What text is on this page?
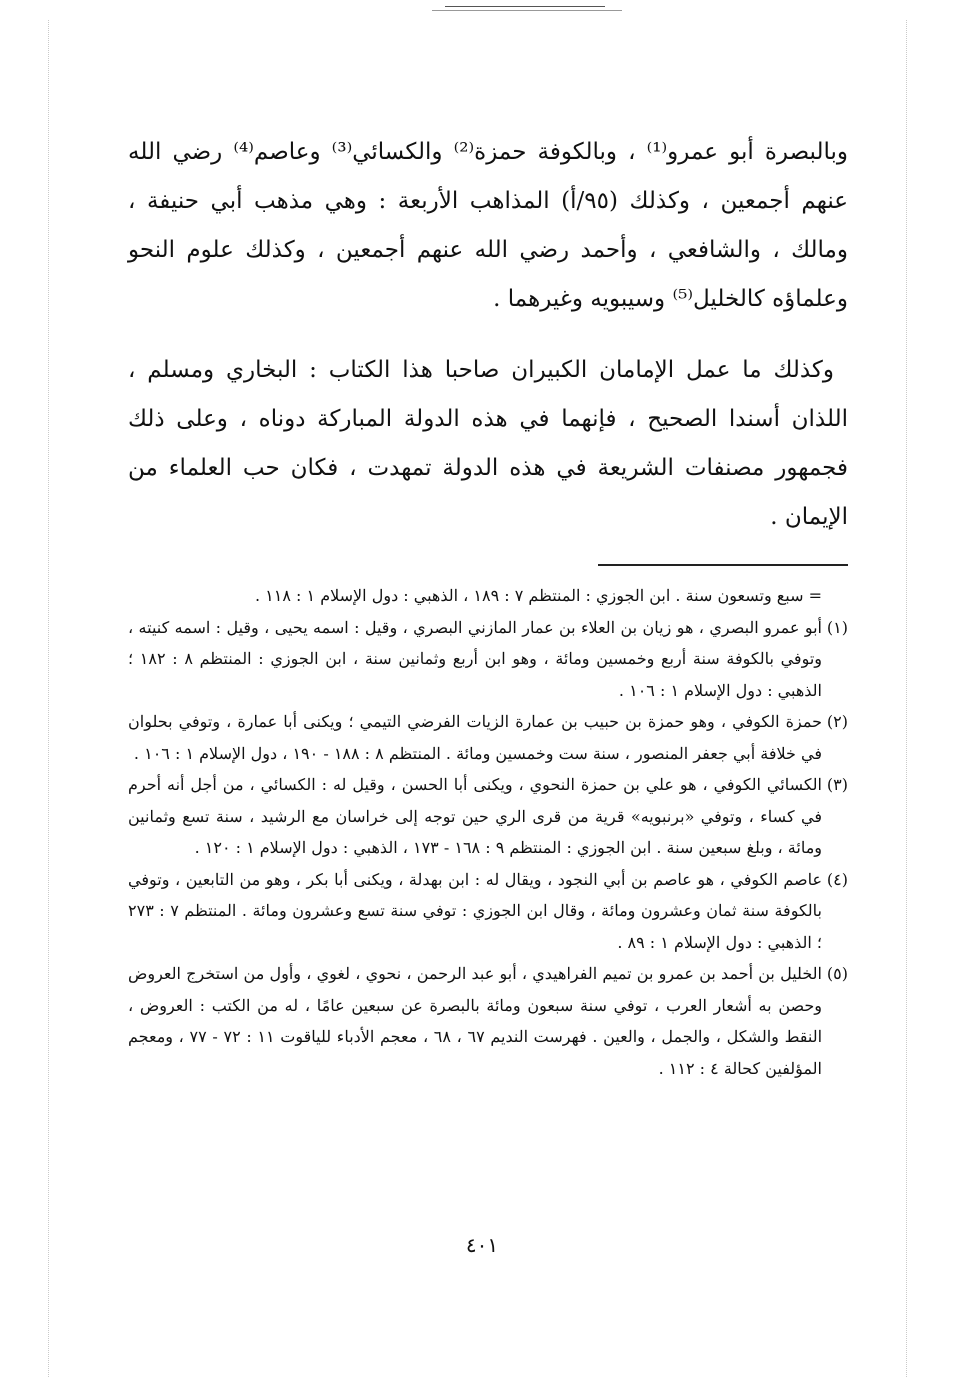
وبالبصرة أبو عمرو⁽¹⁾ ، وبالكوفة حمزة⁽²⁾ والكسائي⁽³⁾ وعاصم⁽⁴⁾ رضي الله عنهم أجمعين ، وكذلك (٩٥/أ) المذاهب الأربعة : وهي مذهب أبي حنيفة ، ومالك ، والشافعي ، وأحمد رضي الله عنهم أجمعين ، وكذلك علوم النحو وعلماؤه كالخليل⁽⁵⁾ وسيبويه وغيرهما .

وكذلك ما عمل الإمامان الكبيران صاحبا هذا الكتاب : البخاري ومسلم ، اللذان أسندا الصحيح ، فإنهما في هذه الدولة المباركة دوناه ، وعلى ذلك فجمهور مصنفات الشريعة في هذه الدولة تمهدت ، فكان حب العلماء من الإيمان .

= سبع وتسعون سنة . ابن الجوزي : المنتظم ٧ : ١٨٩ ، الذهبي : دول الإسلام ١ : ١١٨ .

(١)
أبو عمرو البصري ، هو زيان بن العلاء بن عمار المازني البصري ، وقيل : اسمه يحيى ، وقيل : اسمه كنيته ، وتوفي بالكوفة سنة أربع وخمسين ومائة ، وهو ابن أربع وثمانين سنة ، ابن الجوزي : المنتظم ٨ : ١٨٢ ؛ الذهبي : دول الإسلام ١ : ١٠٦ .

(٢)
حمزة الكوفي ، وهو حمزة بن حبيب بن عمارة الزيات الفرضي التيمي ؛ ويكنى أبا عمارة ، وتوفي بحلوان في خلافة أبي جعفر المنصور ، سنة ست وخمسين ومائة . المنتظم ٨ : ١٨٨ - ١٩٠ ، دول الإسلام ١ : ١٠٦ .

(٣)
الكسائي الكوفي ، هو علي بن حمزة النحوي ، ويكنى أبا الحسن ، وقيل له : الكسائي ، من أجل أنه أحرم في كساء ، وتوفي «برنبويه» قرية من قرى الري حين توجه إلى خراسان مع الرشيد ، سنة تسع وثمانين ومائة ، وبلغ سبعين سنة . ابن الجوزي : المنتظم ٩ : ١٦٨ - ١٧٣ ، الذهبي : دول الإسلام ١ : ١٢٠ .

(٤)
عاصم الكوفي ، هو عاصم بن أبي النجود ، ويقال له : ابن بهدلة ، ويكنى أبا بكر ، وهو من التابعين ، وتوفي بالكوفة سنة ثمان وعشرون ومائة ، وقال ابن الجوزي : توفي سنة تسع وعشرون ومائة . المنتظم ٧ : ٢٧٣ ؛ الذهبي : دول الإسلام ١ : ٨٩ .

(٥)
الخليل بن أحمد بن عمرو بن تميم الفراهيدي ، أبو عبد الرحمن ، نحوي ، لغوي ، وأول من استخرج العروض وحصن به أشعار العرب ، توفي سنة سبعون ومائة بالبصرة عن سبعين عامًا ، له من الكتب : العروض ، النقط والشكل ، والجمل ، والعين . فهرست النديم ٦٧ ، ٦٨ ، معجم الأدباء للياقوت ١١ : ٧٢ - ٧٧ ، ومعجم المؤلفين كحالة ٤ : ١١٢ .

٤٠١
